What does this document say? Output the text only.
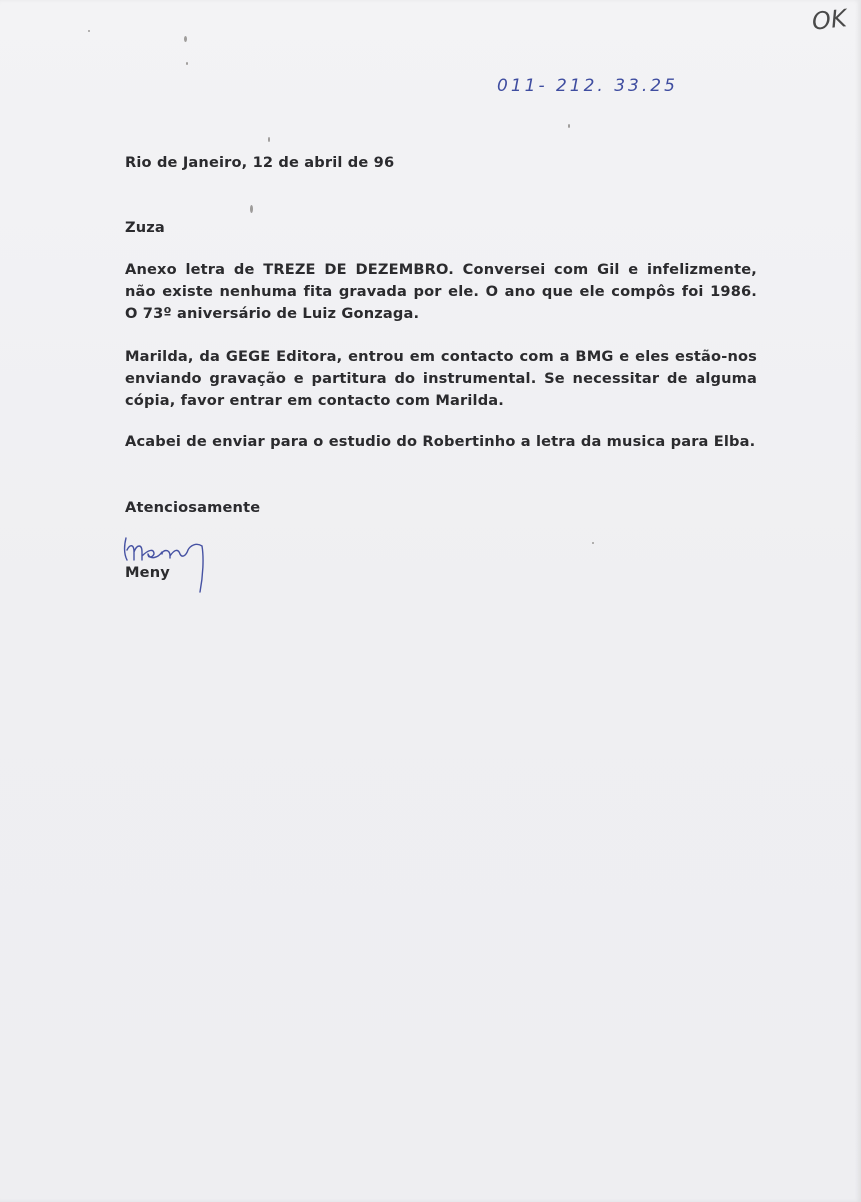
OK
011- 212. 33.25

Rio de Janeiro, 12 de abril de 96

Zuza

Anexo letra de TREZE DE DEZEMBRO. Conversei com Gil e infelizmente, não existe nenhuma fita gravada por ele. O ano que ele compôs foi 1986. O 73º aniversário de Luiz Gonzaga.

Marilda, da GEGE Editora, entrou em contacto com a BMG e eles estão-nos enviando gravação e partitura do instrumental. Se necessitar de alguma cópia, favor entrar em contacto com Marilda.

Acabei de enviar para o estudio do Robertinho a letra da musica para Elba.

Atenciosamente

Meny
